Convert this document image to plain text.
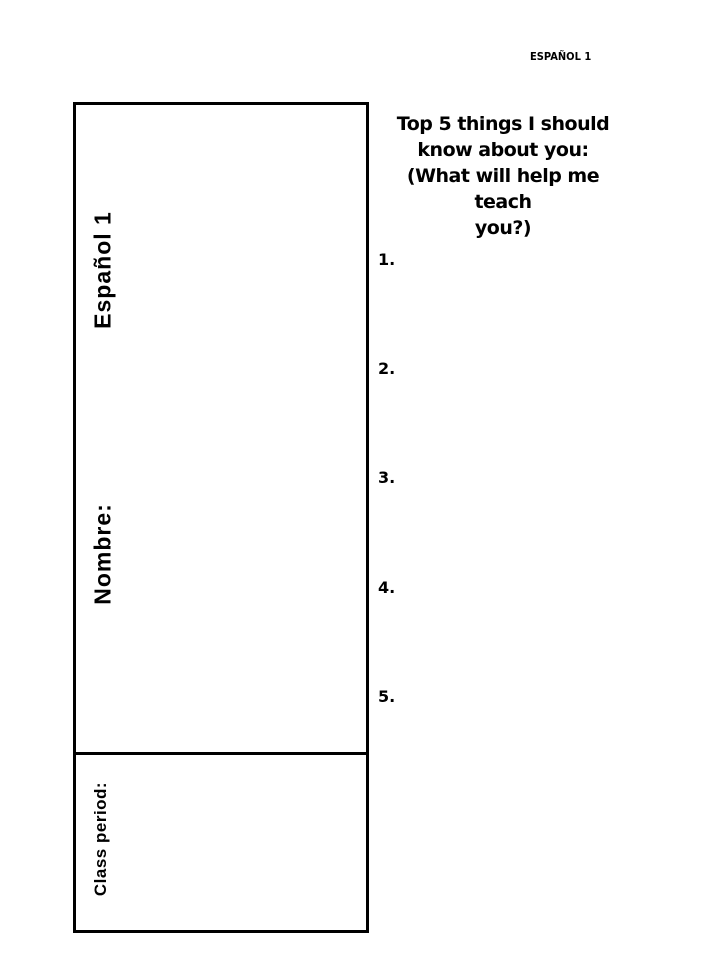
ESPAÑOL 1
Español 1
Nombre:
Class period:
Top 5 things I should
know about you:
(What will help me teach
you?)
1.
2.
3.
4.
5.
